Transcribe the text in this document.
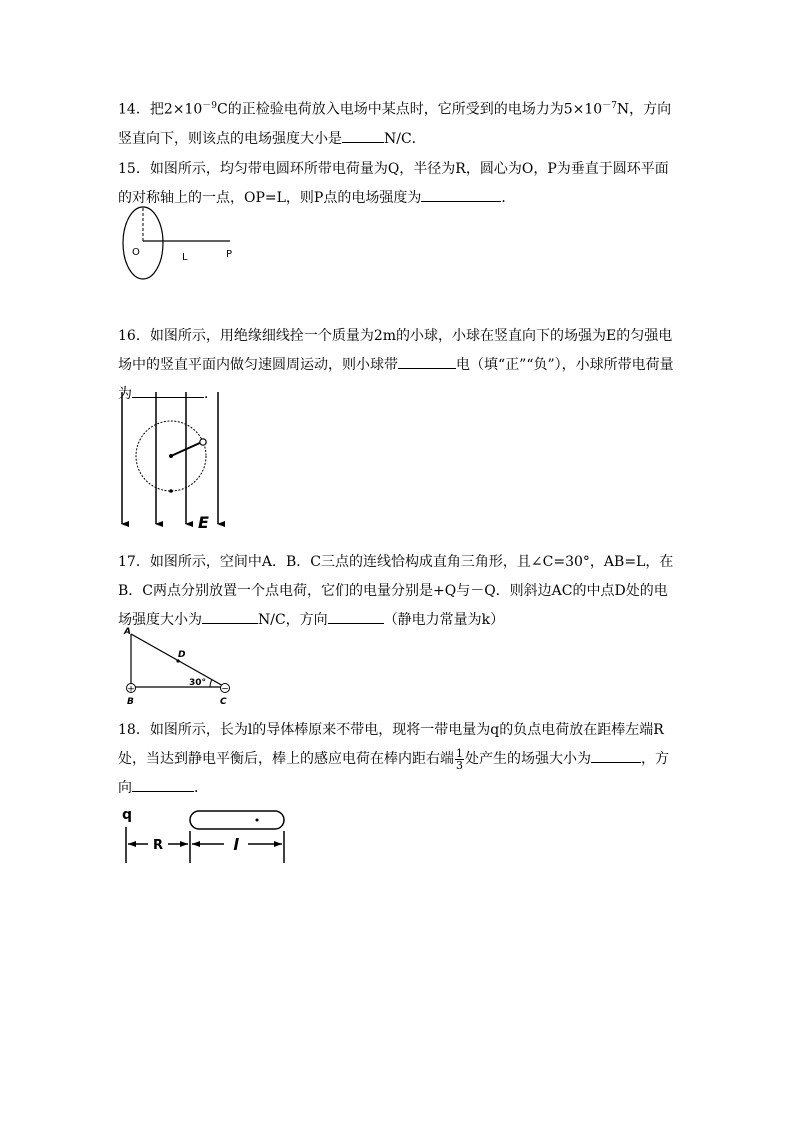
14．把$2\times 10^{-9}C$的正检验电荷放入电场中某点时，它所受到的电场力为$5\times 10^{-7}N$，方向竖直向下，则该点的电场强度大小是	N/C．

15．如图所示，均匀带电圆环所带电荷量为Q，半径为R，圆心为O，P为垂直于圆环平面的对称轴上的一点，OP=L，则P点的电场强度为	．

O	L	P

16．如图所示，用绝缘细线拴一个质量为2m的小球，小球在竖直向下的场强为E的匀强电场中的竖直平面内做匀速圆周运动，则小球带	电（填“正”“负”），小球所带电荷量为	．

E

17．如图所示，空间中A．B．C三点的连线恰构成直角三角形，且∠C=30°，AB=L，在B．C两点分别放置一个点电荷，它们的电量分别是+Q与－Q．则斜边AC的中点D处的电场强度大小为	N/C，方向	（静电力常量为k）

+	−
A
B	C
D
30°

18．如图所示，长为l的导体棒原来不带电，现将一带电量为q的负点电荷放在距棒左端R处，当达到静电平衡后，棒上的感应电荷在棒内距右端 $\frac{1}{3}$ 处产生的场强大小为	，方向	．

q
R	l
